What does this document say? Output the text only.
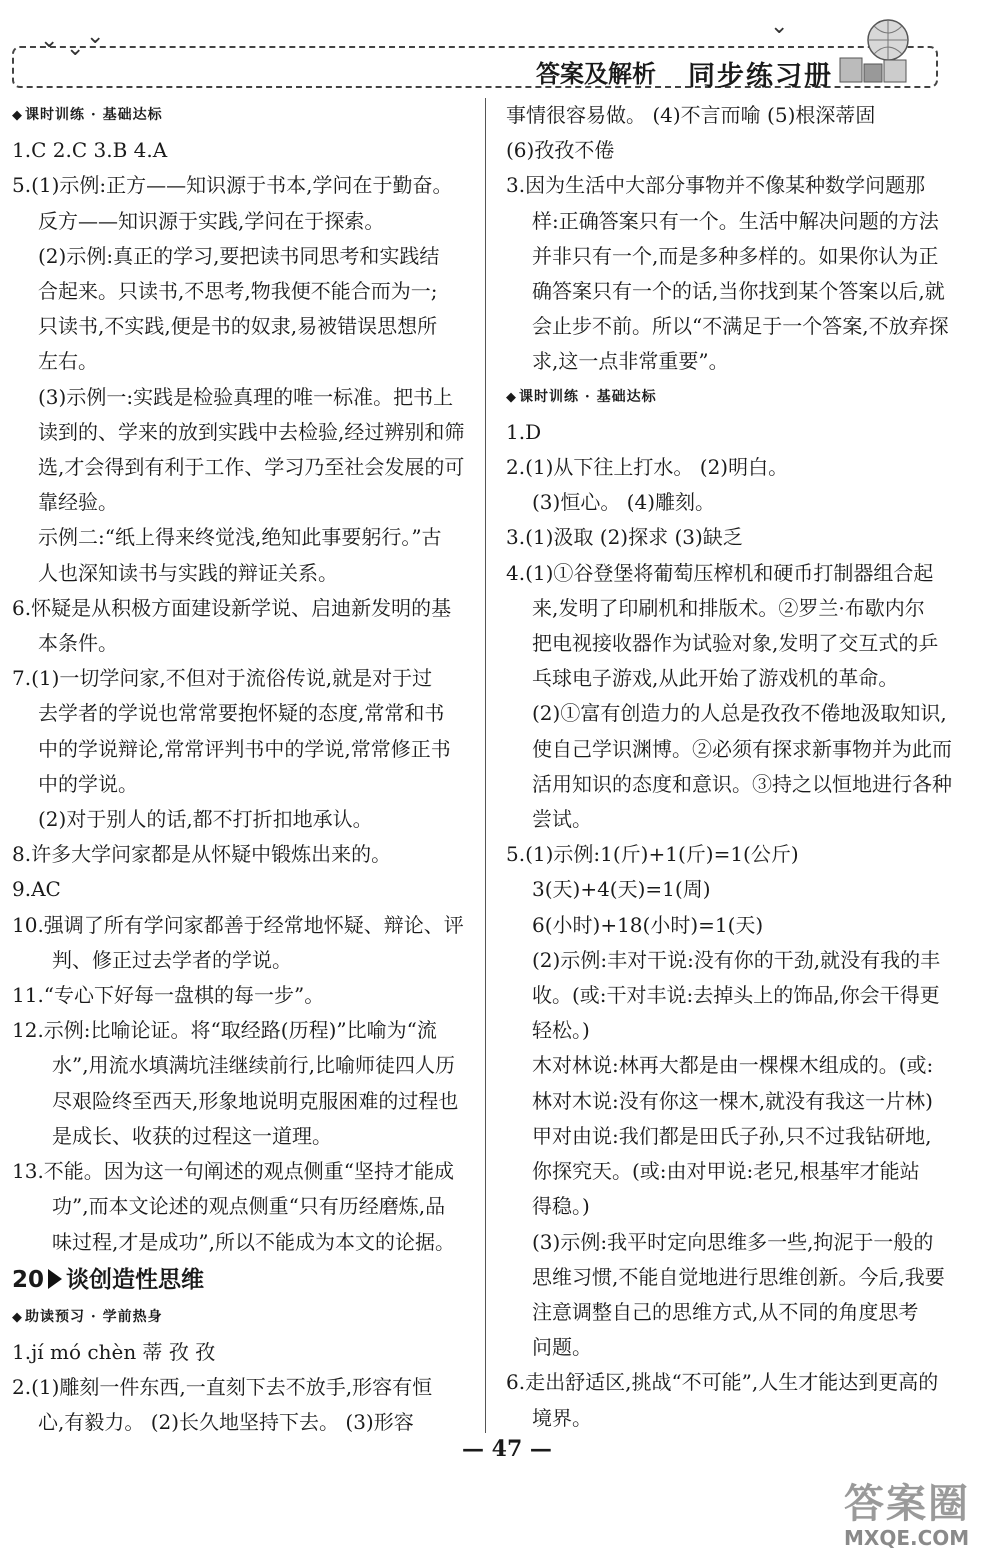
⌄ ⌄ ⌄	⌄
答案及解析 同步练习册
◆ 课时训练 · 基础达标
1.C 2.C 3.B 4.A
5.(1)示例:正方——知识源于书本,学问在于勤奋。
反方——知识源于实践,学问在于探索。
(2)示例:真正的学习,要把读书同思考和实践结
合起来。只读书,不思考,物我便不能合而为一;
只读书,不实践,便是书的奴隶,易被错误思想所
左右。
(3)示例一:实践是检验真理的唯一标准。把书上
读到的、学来的放到实践中去检验,经过辨别和筛
选,才会得到有利于工作、学习乃至社会发展的可
靠经验。
示例二:“纸上得来终觉浅,绝知此事要躬行。”古
人也深知读书与实践的辩证关系。
6.怀疑是从积极方面建设新学说、启迪新发明的基
本条件。
7.(1)一切学问家,不但对于流俗传说,就是对于过
去学者的学说也常常要抱怀疑的态度,常常和书
中的学说辩论,常常评判书中的学说,常常修正书
中的学说。
(2)对于别人的话,都不打折扣地承认。
8.许多大学问家都是从怀疑中锻炼出来的。
9.AC
10.强调了所有学问家都善于经常地怀疑、辩论、评
判、修正过去学者的学说。
11.“专心下好每一盘棋的每一步”。
12.示例:比喻论证。将“取经路(历程)”比喻为“流
水”,用流水填满坑洼继续前行,比喻师徒四人历
尽艰险终至西天,形象地说明克服困难的过程也
是成长、收获的过程这一道理。
13.不能。因为这一句阐述的观点侧重“坚持才能成
功”,而本文论述的观点侧重“只有历经磨炼,品
味过程,才是成功”,所以不能成为本文的论据。
20 谈创造性思维
◆ 助读预习 · 学前热身
1.jí mó chèn 蒂 孜 孜
2.(1)雕刻一件东西,一直刻下去不放手,形容有恒
心,有毅力。 (2)长久地坚持下去。 (3)形容
事情很容易做。 (4)不言而喻 (5)根深蒂固
(6)孜孜不倦
3.因为生活中大部分事物并不像某种数学问题那
样:正确答案只有一个。生活中解决问题的方法
并非只有一个,而是多种多样的。如果你认为正
确答案只有一个的话,当你找到某个答案以后,就
会止步不前。所以“不满足于一个答案,不放弃探
求,这一点非常重要”。
◆ 课时训练 · 基础达标
1.D
2.(1)从下往上打水。 (2)明白。
(3)恒心。 (4)雕刻。
3.(1)汲取 (2)探求 (3)缺乏
4.(1)①谷登堡将葡萄压榨机和硬币打制器组合起
来,发明了印刷机和排版术。②罗兰·布歇内尔
把电视接收器作为试验对象,发明了交互式的乒
乓球电子游戏,从此开始了游戏机的革命。
(2)①富有创造力的人总是孜孜不倦地汲取知识,
使自己学识渊博。②必须有探求新事物并为此而
活用知识的态度和意识。③持之以恒地进行各种
尝试。
5.(1)示例:1(斤)+1(斤)=1(公斤)
3(天)+4(天)=1(周)
6(小时)+18(小时)=1(天)
(2)示例:丰对干说:没有你的干劲,就没有我的丰
收。(或:干对丰说:去掉头上的饰品,你会干得更
轻松。)
木对林说:林再大都是由一棵棵木组成的。(或:
林对木说:没有你这一棵木,就没有我这一片林)
甲对由说:我们都是田氏子孙,只不过我钻研地,
你探究天。(或:由对甲说:老兄,根基牢才能站
得稳。)
(3)示例:我平时定向思维多一些,拘泥于一般的
思维习惯,不能自觉地进行思维创新。今后,我要
注意调整自己的思维方式,从不同的角度思考
问题。
6.走出舒适区,挑战“不可能”,人生才能达到更高的
境界。
— 47 —
答案圈
MXQE.COM
